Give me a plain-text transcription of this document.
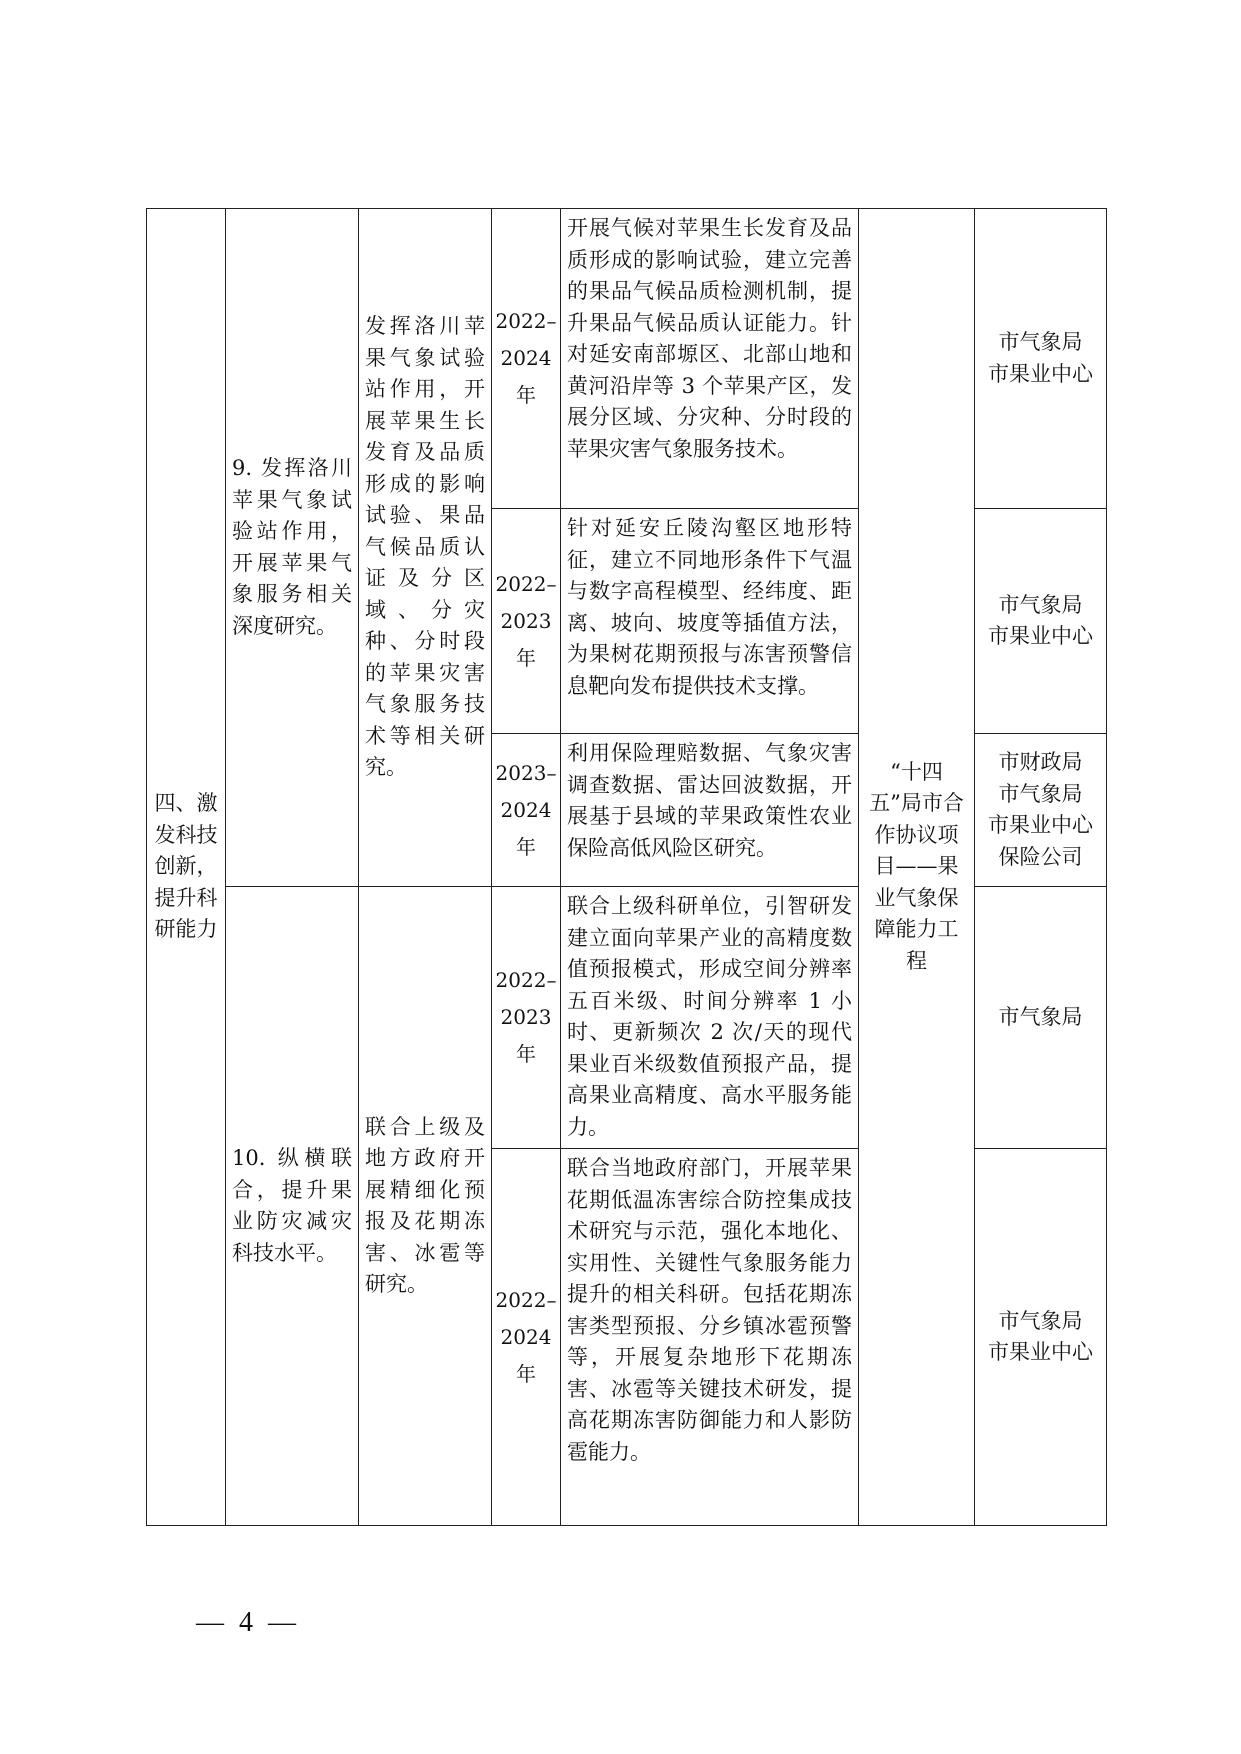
四、激发科技创新，提升科研能力	9. 发挥洛川苹果气象试验站作用，开展苹果气象服务相关深度研究。	发挥洛川苹果气象试验站作用，开展苹果生长发育及品质形成的影响试验、果品气候品质认证及分区域、分灾种、分时段的苹果灾害气象服务技术等相关研究。	2022–
2024
年	开展气候对苹果生长发育及品质形成的影响试验，建立完善的果品气候品质检测机制，提升果品气候品质认证能力。针对延安南部塬区、北部山地和黄河沿岸等 3 个苹果产区，发展分区域、分灾种、分时段的苹果灾害气象服务技术。	“十四五”局市合作协议项目——果业气象保障能力工程	市气象局
市果业中心

			2022–
2023
年	针对延安丘陵沟壑区地形特征，建立不同地形条件下气温与数字高程模型、经纬度、距离、坡向、坡度等插值方法，为果树花期预报与冻害预警信息靶向发布提供技术支撑。		市气象局
市果业中心

			2023–
2024
年	利用保险理赔数据、气象灾害调查数据、雷达回波数据，开展基于县域的苹果政策性农业保险高低风险区研究。		市财政局
市气象局
市果业中心
保险公司

	10. 纵横联合，提升果业防灾减灾科技水平。	联合上级及地方政府开展精细化预报及花期冻害、冰雹等研究。	2022–
2023
年	联合上级科研单位，引智研发建立面向苹果产业的高精度数值预报模式，形成空间分辨率五百米级、时间分辨率 1 小时、更新频次 2 次/天的现代果业百米级数值预报产品，提高果业高精度、高水平服务能力。		市气象局

			2022–
2024
年	联合当地政府部门，开展苹果花期低温冻害综合防控集成技术研究与示范，强化本地化、实用性、关键性气象服务能力提升的相关科研。包括花期冻害类型预报、分乡镇冰雹预警等，开展复杂地形下花期冻害、冰雹等关键技术研发，提高花期冻害防御能力和人影防雹能力。		市气象局
市果业中心
— 4 —
